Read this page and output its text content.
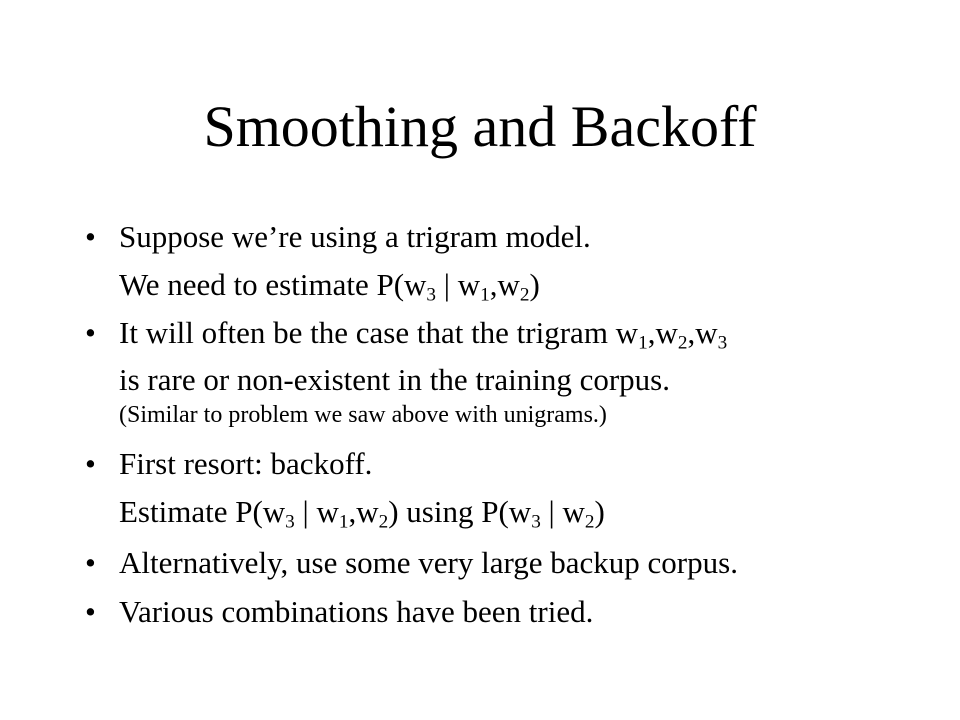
Smoothing and Backoff
• Suppose we’re using a trigram model.
We need to estimate $P(w_3$ | $w_1,w_2$)
• It will often be the case that the trigram $w_1,w_2,w_3$
is rare or non-existent in the training corpus.
(Similar to problem we saw above with unigrams.)
• First resort: backoff.
Estimate $P(w_3$ | $w_1,w_2$) using $P(w_3$ | $w_2$)
• Alternatively, use some very large backup corpus.
• Various combinations have been tried.
